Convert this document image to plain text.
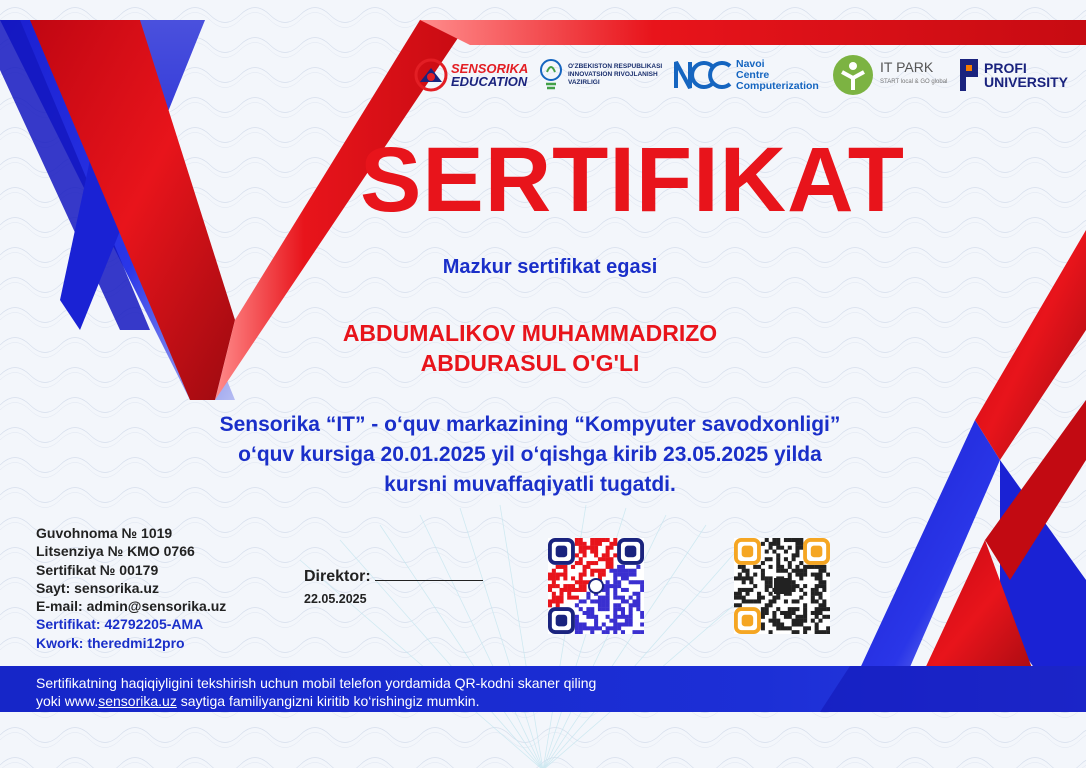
SENSORIKA
EDUCATION
O'ZBEKISTON RESPUBLIKASI INNOVATSION RIVOJLANISH VAZIRLIGI
Navoi
Centre
Computerization
IT PARK
START local & GO global
PROFI
UNIVERSITY
SERTIFIKAT
Mazkur sertifikat egasi
ABDUMALIKOV MUHAMMADRIZO
ABDURASUL O'G'LI
Sensorika “IT” - o‘quv markazining “Kompyuter savodxonligi”
o‘quv kursiga 20.01.2025 yil o‘qishga kirib 23.05.2025 yilda
kursni muvaffaqiyatli tugatdi.
Guvohnoma № 1019
Litsenziya № KMO 0766
Sertifikat № 00179
Sayt: sensorika.uz
E-mail: admin@sensorika.uz
Sertifikat: 42792205-AMA
Kwork: theredmi12pro
Direktor:
22.05.2025
Sertifikatning haqiqiyligini tekshirish uchun mobil telefon yordamida QR-kodni skaner qiling
yoki www.sensorika.uz saytiga familiyangizni kiritib ko‘rishingiz mumkin.
